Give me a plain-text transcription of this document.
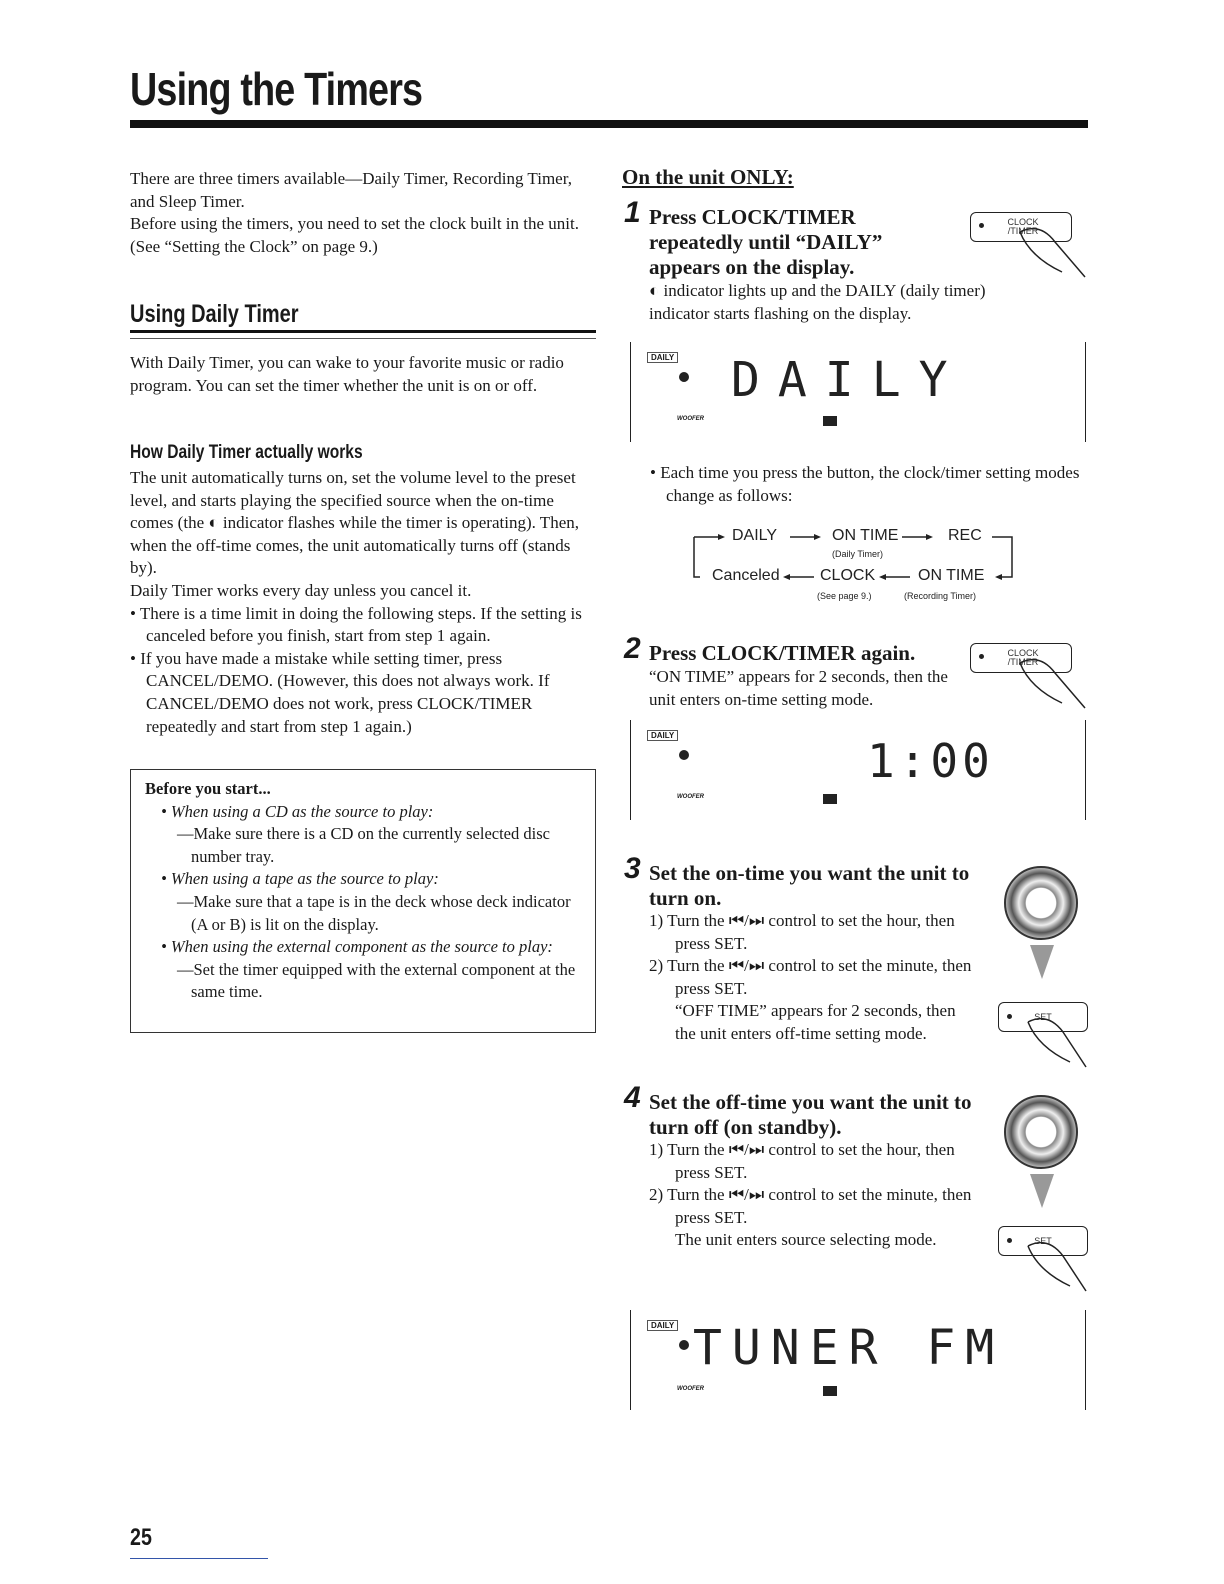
Using the Timers
There are three timers available—Daily Timer, Recording Timer, and Sleep Timer.
Before using the timers, you need to set the clock built in the unit. (See “Setting the Clock” on page 9.)
Using Daily Timer
With Daily Timer, you can wake to your favorite music or radio program. You can set the timer whether the unit is on or off.
How Daily Timer actually works
The unit automatically turns on, set the volume level to the preset level, and starts playing the specified source when the on-time comes (the ◐ indicator flashes while the timer is operating). Then, when the off-time comes, the unit automatically turns off (stands by).
Daily Timer works every day unless you cancel it.
• There is a time limit in doing the following steps. If the setting is canceled before you finish, start from step 1 again.
• If you have made a mistake while setting timer, press CANCEL/DEMO. (However, this does not always work. If CANCEL/DEMO does not work, press CLOCK/TIMER repeatedly and start from step 1 again.)
Before you start...
• When using a CD as the source to play:
—Make sure there is a CD on the currently selected disc number tray.
• When using a tape as the source to play:
—Make sure that a tape is in the deck whose deck indicator (A or B) is lit on the display.
• When using the external component as the source to play:
—Set the timer equipped with the external component at the same time.
On the unit ONLY:
1 Press CLOCK/TIMER repeatedly until “DAILY” appears on the display.
◐ indicator lights up and the DAILY (daily timer) indicator starts flashing on the display.
CLOCK
/TIMER
DAILY DAILY
WOOFER
• Each time you press the button, the clock/timer setting modes change as follows:
DAILY	ON TIME
(Daily Timer)
REC
Canceled	CLOCK
(See page 9.)
ON TIME
(Recording Timer)
2 Press CLOCK/TIMER again.
“ON TIME” appears for 2 seconds, then the unit enters on-time setting mode.
CLOCK
/TIMER
DAILY	1:00
WOOFER
3 Set the on-time you want the unit to turn on.
1) Turn the ⏮/⏭ control to set the hour, then press SET.
2) Turn the ⏮/⏭ control to set the minute, then press SET.
“OFF TIME” appears for 2 seconds, then the unit enters off-time setting mode.
SET
4 Set the off-time you want the unit to turn off (on standby).
1) Turn the ⏮/⏭ control to set the hour, then press SET.
2) Turn the ⏮/⏭ control to set the minute, then press SET.
The unit enters source selecting mode.	SET
DAILY TUNER FM
WOOFER
25
